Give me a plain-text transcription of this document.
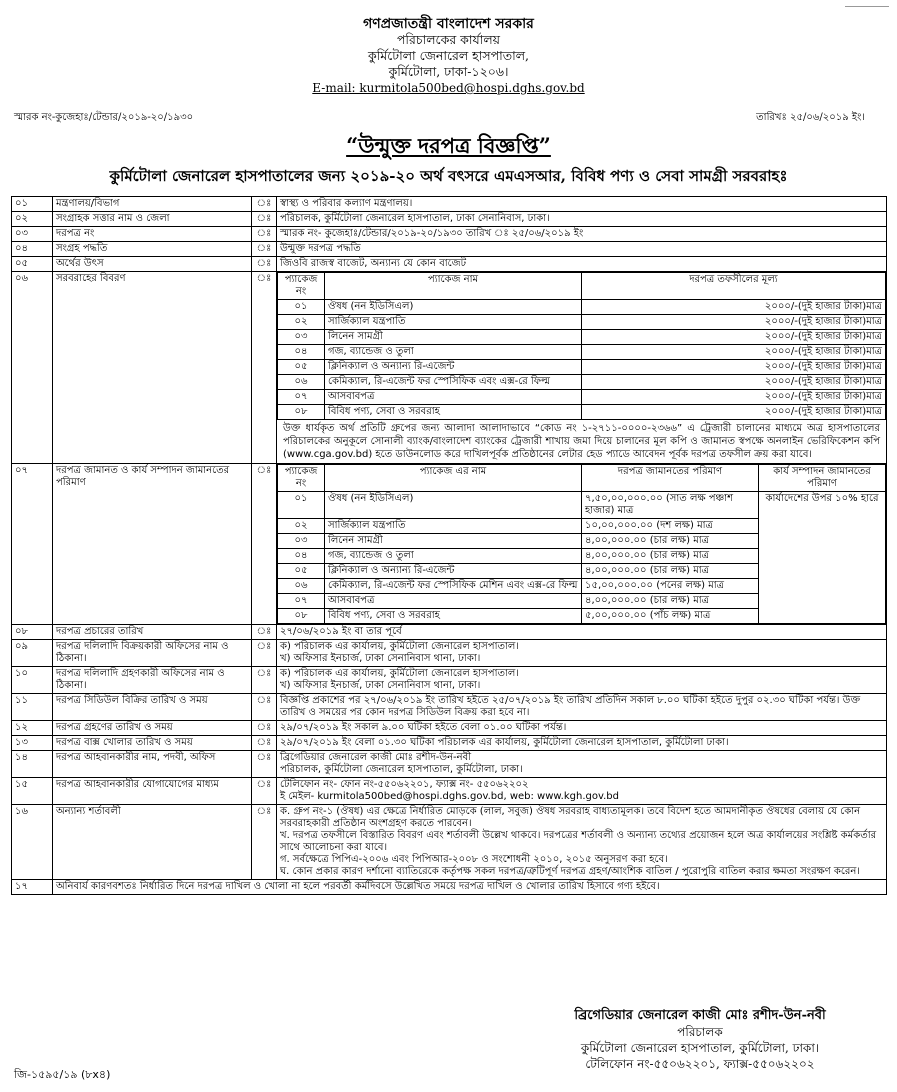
গণপ্রজাতন্ত্রী বাংলাদেশ সরকার
পরিচালকের কার্যালয়
কুর্মিটোলা জেনারেল হাসপাতাল,
কুর্মিটোলা, ঢাকা-১২০৬।
E-mail: kurmitola500bed@hospi.dghs.gov.bd
স্মারক নং-কুজেহাঃ/টেন্ডার/২০১৯-২০/১৯৩০	তারিখঃ ২৫/০৬/২০১৯ ইং।
“উন্মুক্ত দরপত্র বিজ্ঞপ্তি”
কুর্মিটোলা জেনারেল হাসপাতালের জন্য ২০১৯-২০ অর্থ বৎসরে এমএসআর, বিবিধ পণ্য ও সেবা সামগ্রী সরবরাহঃ
০১	মন্ত্রণালয়/বিভাগ	ঃ	স্বাস্থ্য ও পরিবার কল্যাণ মন্ত্রণালয়।
০২	সংগ্রাহক সত্তার নাম ও জেলা	ঃ	পরিচালক, কুর্মিটোলা জেনারেল হাসপাতাল, ঢাকা সেনানিবাস, ঢাকা।
০৩	দরপত্র নং	ঃ	স্মারক নং- কুজেহাঃ/টেন্ডার/২০১৯-২০/১৯৩০ তারিখ ঃ ২৫/০৬/২০১৯ ইং
০৪	সংগ্রহ পদ্ধতি	ঃ	উন্মুক্ত দরপত্র পদ্ধতি
০৫	অর্থের উৎস	ঃ	জিওবি রাজস্ব বাজেট, অন্যান্য যে কোন বাজেট
০৬	সরবরাহের বিবরণ	ঃ	প্যাকেজ নং	প্যাকেজ নাম	দরপত্র তফসীলের মূল্য
০১	ঔষধ (নন ইডিসিএল)	২০০০/-(দুই হাজার টাকা)মাত্র
০২	সার্জিক্যাল যন্ত্রপাতি	২০০০/-(দুই হাজার টাকা)মাত্র
০৩	লিনেন সামগ্রী	২০০০/-(দুই হাজার টাকা)মাত্র
০৪	গজ, ব্যান্ডেজ ও তুলা	২০০০/-(দুই হাজার টাকা)মাত্র
০৫	ক্লিনিক্যাল ও অন্যান্য রি-এজেন্ট	২০০০/-(দুই হাজার টাকা)মাত্র
০৬	কেমিক্যাল, রি-এজেন্ট ফর স্পেসিফিক এবং এক্স-রে ফিল্ম	২০০০/-(দুই হাজার টাকা)মাত্র
০৭	আসবাবপত্র	২০০০/-(দুই হাজার টাকা)মাত্র
০৮	বিবিধ পণ্য, সেবা ও সরবরাহ	২০০০/-(দুই হাজার টাকা)মাত্র
উক্ত ধার্যকৃত অর্থ প্রতিটি গ্রুপের জন্য আলাদা আলাদাভাবে “কোড নং ১-২৭১১-০০০০-২৩৬৬” এ ট্রেজারী চালানের মাধ্যমে অত্র হাসপাতালের পরিচালকের অনুকূলে সোনালী ব্যাংক/বাংলাদেশ ব্যাংকের ট্রেজারী শাখায় জমা দিয়ে চালানের মূল কপি ও জামানত স্বপক্ষে অনলাইন ভেরিফিকেশন কপি (www.cga.gov.bd) হতে ডাউনলোড করে দাখিলপূর্বক প্রতিষ্ঠানের লেটার হেড প্যাডে আবেদন পূর্বক দরপত্র তফসীল ক্রয় করা যাবে।

০৭	দরপত্র জামানত ও কার্য সম্পাদন জামানতের পরিমাণ	ঃ	প্যাকেজ নং	প্যাকেজ এর নাম	দরপত্র জামানতের পরিমাণ	কার্য সম্পাদন জামানতের পরিমাণ
০১	ঔষধ (নন ইডিসিএল)	৭,৫০,০০,০০০.০০ (সাত লক্ষ পঞ্চাশ হাজার) মাত্র	কার্যাদেশের উপর ১০% হারে
০২	সার্জিক্যাল যন্ত্রপাতি	১০,০০,০০০.০০ (দশ লক্ষ) মাত্র
০৩	লিনেন সামগ্রী	৪,০০,০০০.০০ (চার লক্ষ) মাত্র
০৪	গজ, ব্যান্ডেজ ও তুলা	৪,০০,০০০.০০ (চার লক্ষ) মাত্র
০৫	ক্লিনিক্যাল ও অন্যান্য রি-এজেন্ট	৪,০০,০০০.০০ (চার লক্ষ) মাত্র
০৬	কেমিক্যাল, রি-এজেন্ট ফর স্পেসিফিক মেশিন এবং এক্স-রে ফিল্ম	১৫,০০,০০০.০০ (পনের লক্ষ) মাত্র
০৭	আসবাবপত্র	৪,০০,০০০.০০ (চার লক্ষ) মাত্র
০৮	বিবিধ পণ্য, সেবা ও সরবরাহ	৫,০০,০০০.০০ (পাঁচ লক্ষ) মাত্র

০৮	দরপত্র প্রচারের তারিখ	ঃ	২৭/০৬/২০১৯ ইং বা তার পূর্বে

০৯	দরপত্র দলিলাদি বিক্রয়কারী অফিসের নাম ও ঠিকানা।	ঃ	ক) পরিচালক এর কার্যালয়, কুর্মিটোলা জেনারেল হাসপাতাল।
খ) অফিসার ইনচার্জ, ঢাকা সেনানিবাস থানা, ঢাকা।

১০	দরপত্র দলিলাদি গ্রহণকারী অফিসের নাম ও ঠিকানা।	ঃ	ক) পরিচালক এর কার্যালয়, কুর্মিটোলা জেনারেল হাসপাতাল।
খ) অফিসার ইনচার্জ, ঢাকা সেনানিবাস থানা, ঢাকা।

১১	দরপত্র সিডিউল বিক্রির তারিখ ও সময়	ঃ	বিজ্ঞপ্তি প্রকাশের পর ২৭/০৬/২০১৯ ইং তারিখ হইতে ২৫/০৭/২০১৯ ইং তারিখ প্রতিদিন সকাল ৮.০০ ঘটিকা হইতে দুপুর ০২.৩০ ঘটিকা পর্যন্ত। উক্ত তারিখ ও সময়ের পর কোন দরপত্র সিডিউল বিক্রয় করা হবে না।

১২	দরপত্র গ্রহণের তারিখ ও সময়	ঃ	২৯/০৭/২০১৯ ইং সকাল ৯.০০ ঘটিকা হইতে বেলা ০১.০০ ঘটিকা পর্যন্ত।

১৩	দরপত্র বাক্স খোলার তারিখ ও সময়	ঃ	২৯/০৭/২০১৯ ইং বেলা ০১.৩০ ঘটিকা পরিচালক এর কার্যালয়, কুর্মিটোলা জেনারেল হাসপাতাল, কুর্মিটোলা ঢাকা।

১৪	দরপত্র আহবানকারীর নাম, পদবী, অফিস	ঃ	ব্রিগেডিয়ার জেনারেল কাজী মোঃ রশীদ-উন-নবী
পরিচালক, কুর্মিটোলা জেনারেল হাসপাতাল, কুর্মিটোলা, ঢাকা।

১৫	দরপত্র আহবানকারীর যোগাযোগের মাধ্যম	ঃ	টেলিফোন নং- ফোন নং-৫৫০৬২২০১, ফ্যাক্স নং- ৫৫০৬২২০২
ই মেইল- kurmitola500bed@hospi.dghs.gov.bd, web: www.kgh.gov.bd

১৬	অন্যান্য শর্তাবলী	ঃ	ক. গ্রুপ নং-১ (ঔষধ) এর ক্ষেত্রে নির্ধারিত মোড়কে (লাল, সবুজ) ঔষধ সরবরাহ বাধ্যতামূলক। তবে বিদেশ হতে আমদানীকৃত ঔষধের বেলায় যে কোন সরবরাহকারী প্রতিষ্ঠান অংশগ্রহণ করতে পারবেন।
খ. দরপত্র তফসীলে বিস্তারিত বিবরণ এবং শর্তাবলী উল্লেখ থাকবে। দরপত্রের শর্তাবলী ও অন্যান্য তথ্যের প্রয়োজন হলে অত্র কার্যালয়ের সংশ্লিষ্ট কর্মকর্তার সাথে আলোচনা করা যাবে।
গ. সর্বক্ষেত্রে পিপিএ-২০০৬ এবং পিপিআর-২০০৮ ও সংশোধনী ২০১০, ২০১৫ অনুসরণ করা হবে।
ঘ. কোন প্রকার কারণ দর্শানো ব্যাতিরেকে কর্তৃপক্ষ সকল দরপত্র/ত্রুটিপূর্ণ দরপত্র গ্রহণ/আংশিক বাতিল / পুরোপুরি বাতিল করার ক্ষমতা সংরক্ষণ করেন।

১৭	অনিবার্য কারণবশতঃ নির্ধারিত দিনে দরপত্র দাখিল ও খোলা না হলে পরবর্তী কর্মদিবসে উল্লেখিত সময়ে দরপত্র দাখিল ও খোলার তারিখ হিসাবে গণ্য হইবে।
ব্রিগেডিয়ার জেনারেল কাজী মোঃ রশীদ-উন-নবী
পরিচালক
কুর্মিটোলা জেনারেল হাসপাতাল, কুর্মিটোলা, ঢাকা।
টেলিফোন নং-৫৫০৬২২০১, ফ্যাক্স-৫৫০৬২২০২
জি-১৫৯৫/১৯ (৮x৪)
